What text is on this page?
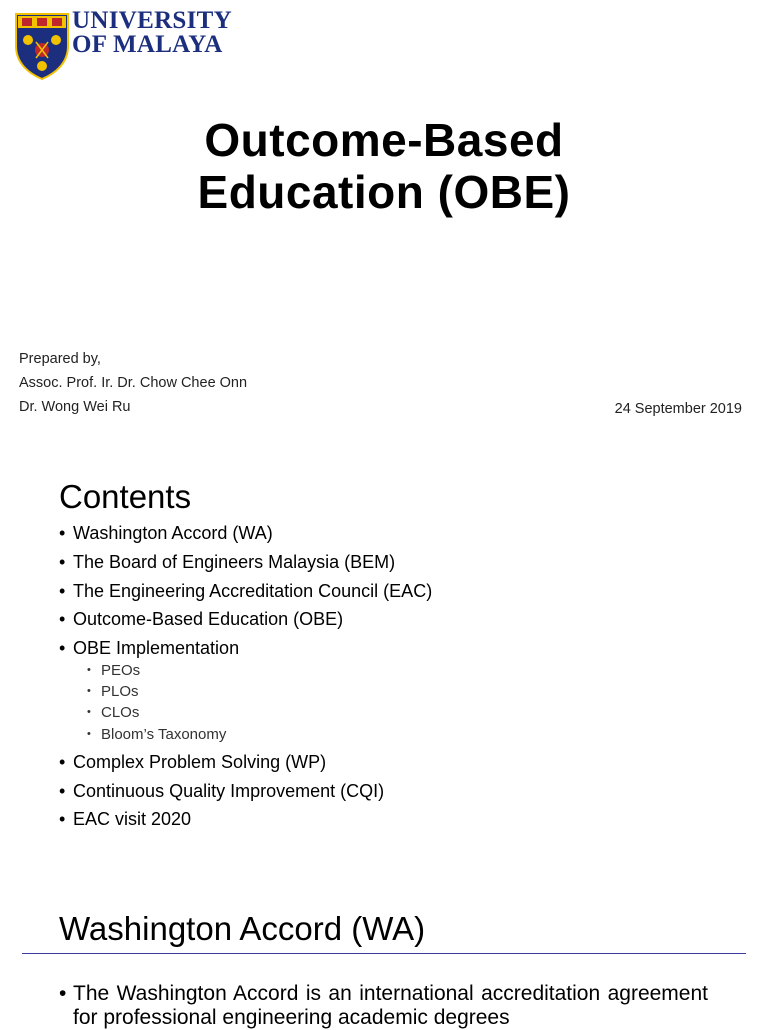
UNIVERSITY
OF MALAYA
Outcome-Based
Education (OBE)
Prepared by,
Assoc. Prof. Ir. Dr. Chow Chee Onn
Dr. Wong Wei Ru	24 September 2019
Contents
• Washington Accord (WA)
• The Board of Engineers Malaysia (BEM)
• The Engineering Accreditation Council (EAC)
• Outcome-Based Education (OBE)
• OBE Implementation
• PEOs
• PLOs
• CLOs
• Bloom’s Taxonomy
• Complex Problem Solving (WP)
• Continuous Quality Improvement (CQI)
• EAC visit 2020
Washington Accord (WA)
• The Washington Accord is an international accreditation agreement for professional engineering academic degrees
